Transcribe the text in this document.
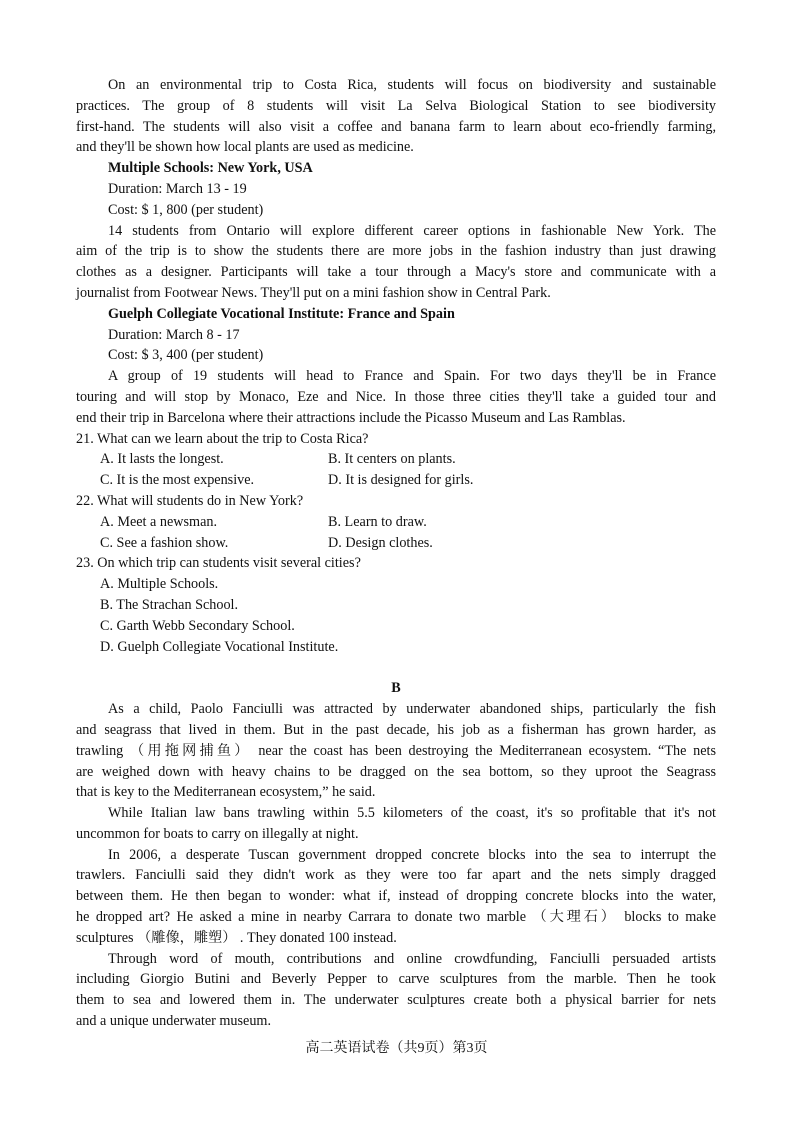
On an environmental trip to Costa Rica, students will focus on biodiversity and sustainable
practices. The group of 8 students will visit La Selva Biological Station to see biodiversity
first-hand. The students will also visit a coffee and banana farm to learn about eco-friendly farming,
and they'll be shown how local plants are used as medicine.
Multiple Schools: New York, USA
Duration: March 13 - 19
Cost: $ 1, 800 (per student)
14 students from Ontario will explore different career options in fashionable New York. The
aim of the trip is to show the students there are more jobs in the fashion industry than just drawing
clothes as a designer. Participants will take a tour through a Macy's store and communicate with a
journalist from Footwear News. They'll put on a mini fashion show in Central Park.
Guelph Collegiate Vocational Institute: France and Spain
Duration: March 8 - 17
Cost: $ 3, 400 (per student)
A group of 19 students will head to France and Spain. For two days they'll be in France
touring and will stop by Monaco, Eze and Nice. In those three cities they'll take a guided tour and
end their trip in Barcelona where their attractions include the Picasso Museum and Las Ramblas.
21. What can we learn about the trip to Costa Rica?
A. It lasts the longest.	B. It centers on plants.
C. It is the most expensive.	D. It is designed for girls.
22. What will students do in New York?
A. Meet a newsman.	B. Learn to draw.
C. See a fashion show.	D. Design clothes.
23. On which trip can students visit several cities?
A. Multiple Schools.
B. The Strachan School.
C. Garth Webb Secondary School.
D. Guelph Collegiate Vocational Institute.
B
As a child, Paolo Fanciulli was attracted by underwater abandoned ships, particularly the fish
and seagrass that lived in them. But in the past decade, his job as a fisherman has grown harder, as
trawling （用拖网捕鱼） near the coast has been destroying the Mediterranean ecosystem. “The nets
are weighed down with heavy chains to be dragged on the sea bottom, so they uproot the Seagrass
that is key to the Mediterranean ecosystem,” he said.
While Italian law bans trawling within 5.5 kilometers of the coast, it's so profitable that it's not
uncommon for boats to carry on illegally at night.
In 2006, a desperate Tuscan government dropped concrete blocks into the sea to interrupt the
trawlers. Fanciulli said they didn't work as they were too far apart and the nets simply dragged
between them. He then began to wonder: what if, instead of dropping concrete blocks into the water,
he dropped art? He asked a mine in nearby Carrara to donate two marble （大理石） blocks to make
sculptures （雕像，雕塑） . They donated 100 instead.
Through word of mouth, contributions and online crowdfunding, Fanciulli persuaded artists
including Giorgio Butini and Beverly Pepper to carve sculptures from the marble. Then he took
them to sea and lowered them in. The underwater sculptures create both a physical barrier for nets
and a unique underwater museum.
高二英语试卷（共9页）第3页
